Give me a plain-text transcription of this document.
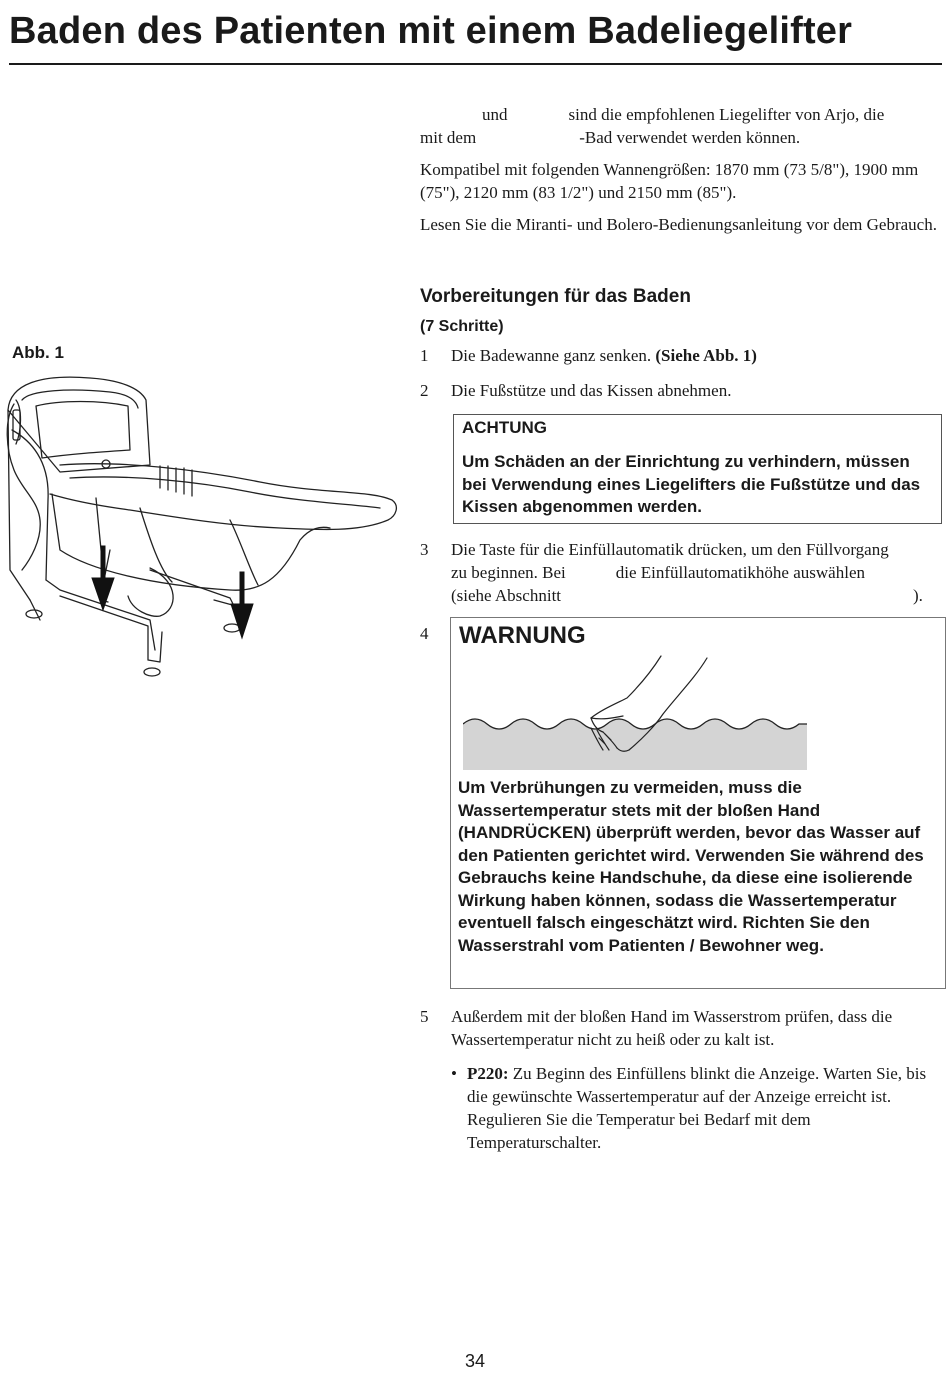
Baden des Patienten mit einem Badeliegelifter
und	sind die empfohlenen Liegelifter von Arjo, die
mit dem	-Bad verwendet werden können.
Kompatibel mit folgenden Wannengrößen: 1870 mm (73 5/8"), 1900 mm (75"), 2120 mm (83 1/2") und 2150 mm (85").
Lesen Sie die Miranti- und Bolero-Bedienungsanleitung vor dem Gebrauch.
Vorbereitungen für das Baden
(7 Schritte)
Abb. 1	1	Die Badewanne ganz senken. (Siehe Abb. 1)
2	Die Fußstütze und das Kissen abnehmen.
ACHTUNG
Um Schäden an der Einrichtung zu verhindern, müssen bei Verwendung eines Liegelifters die Fußstütze und das Kissen abgenommen werden.
3	Die Taste für die Einfüllautomatik drücken, um den Füllvorgang
zu beginnen. Bei	die Einfüllautomatikhöhe auswählen
(siehe Abschnitt	).
4	WARNUNG
Um Verbrühungen zu vermeiden, muss die Wassertemperatur stets mit der bloßen Hand (HANDRÜCKEN) überprüft werden, bevor das Wasser auf den Patienten gerichtet wird. Verwenden Sie während des Gebrauchs keine Handschuhe, da diese eine isolierende Wirkung haben können, sodass die Wassertemperatur eventuell falsch eingeschätzt wird. Richten Sie den Wasserstrahl vom Patienten / Bewohner weg.
5	Außerdem mit der bloßen Hand im Wasserstrom prüfen, dass die Wassertemperatur nicht zu heiß oder zu kalt ist.
• P220: Zu Beginn des Einfüllens blinkt die Anzeige. Warten Sie, bis die gewünschte Wassertemperatur auf der Anzeige erreicht ist. Regulieren Sie die Temperatur bei Bedarf mit dem Temperaturschalter.
34
